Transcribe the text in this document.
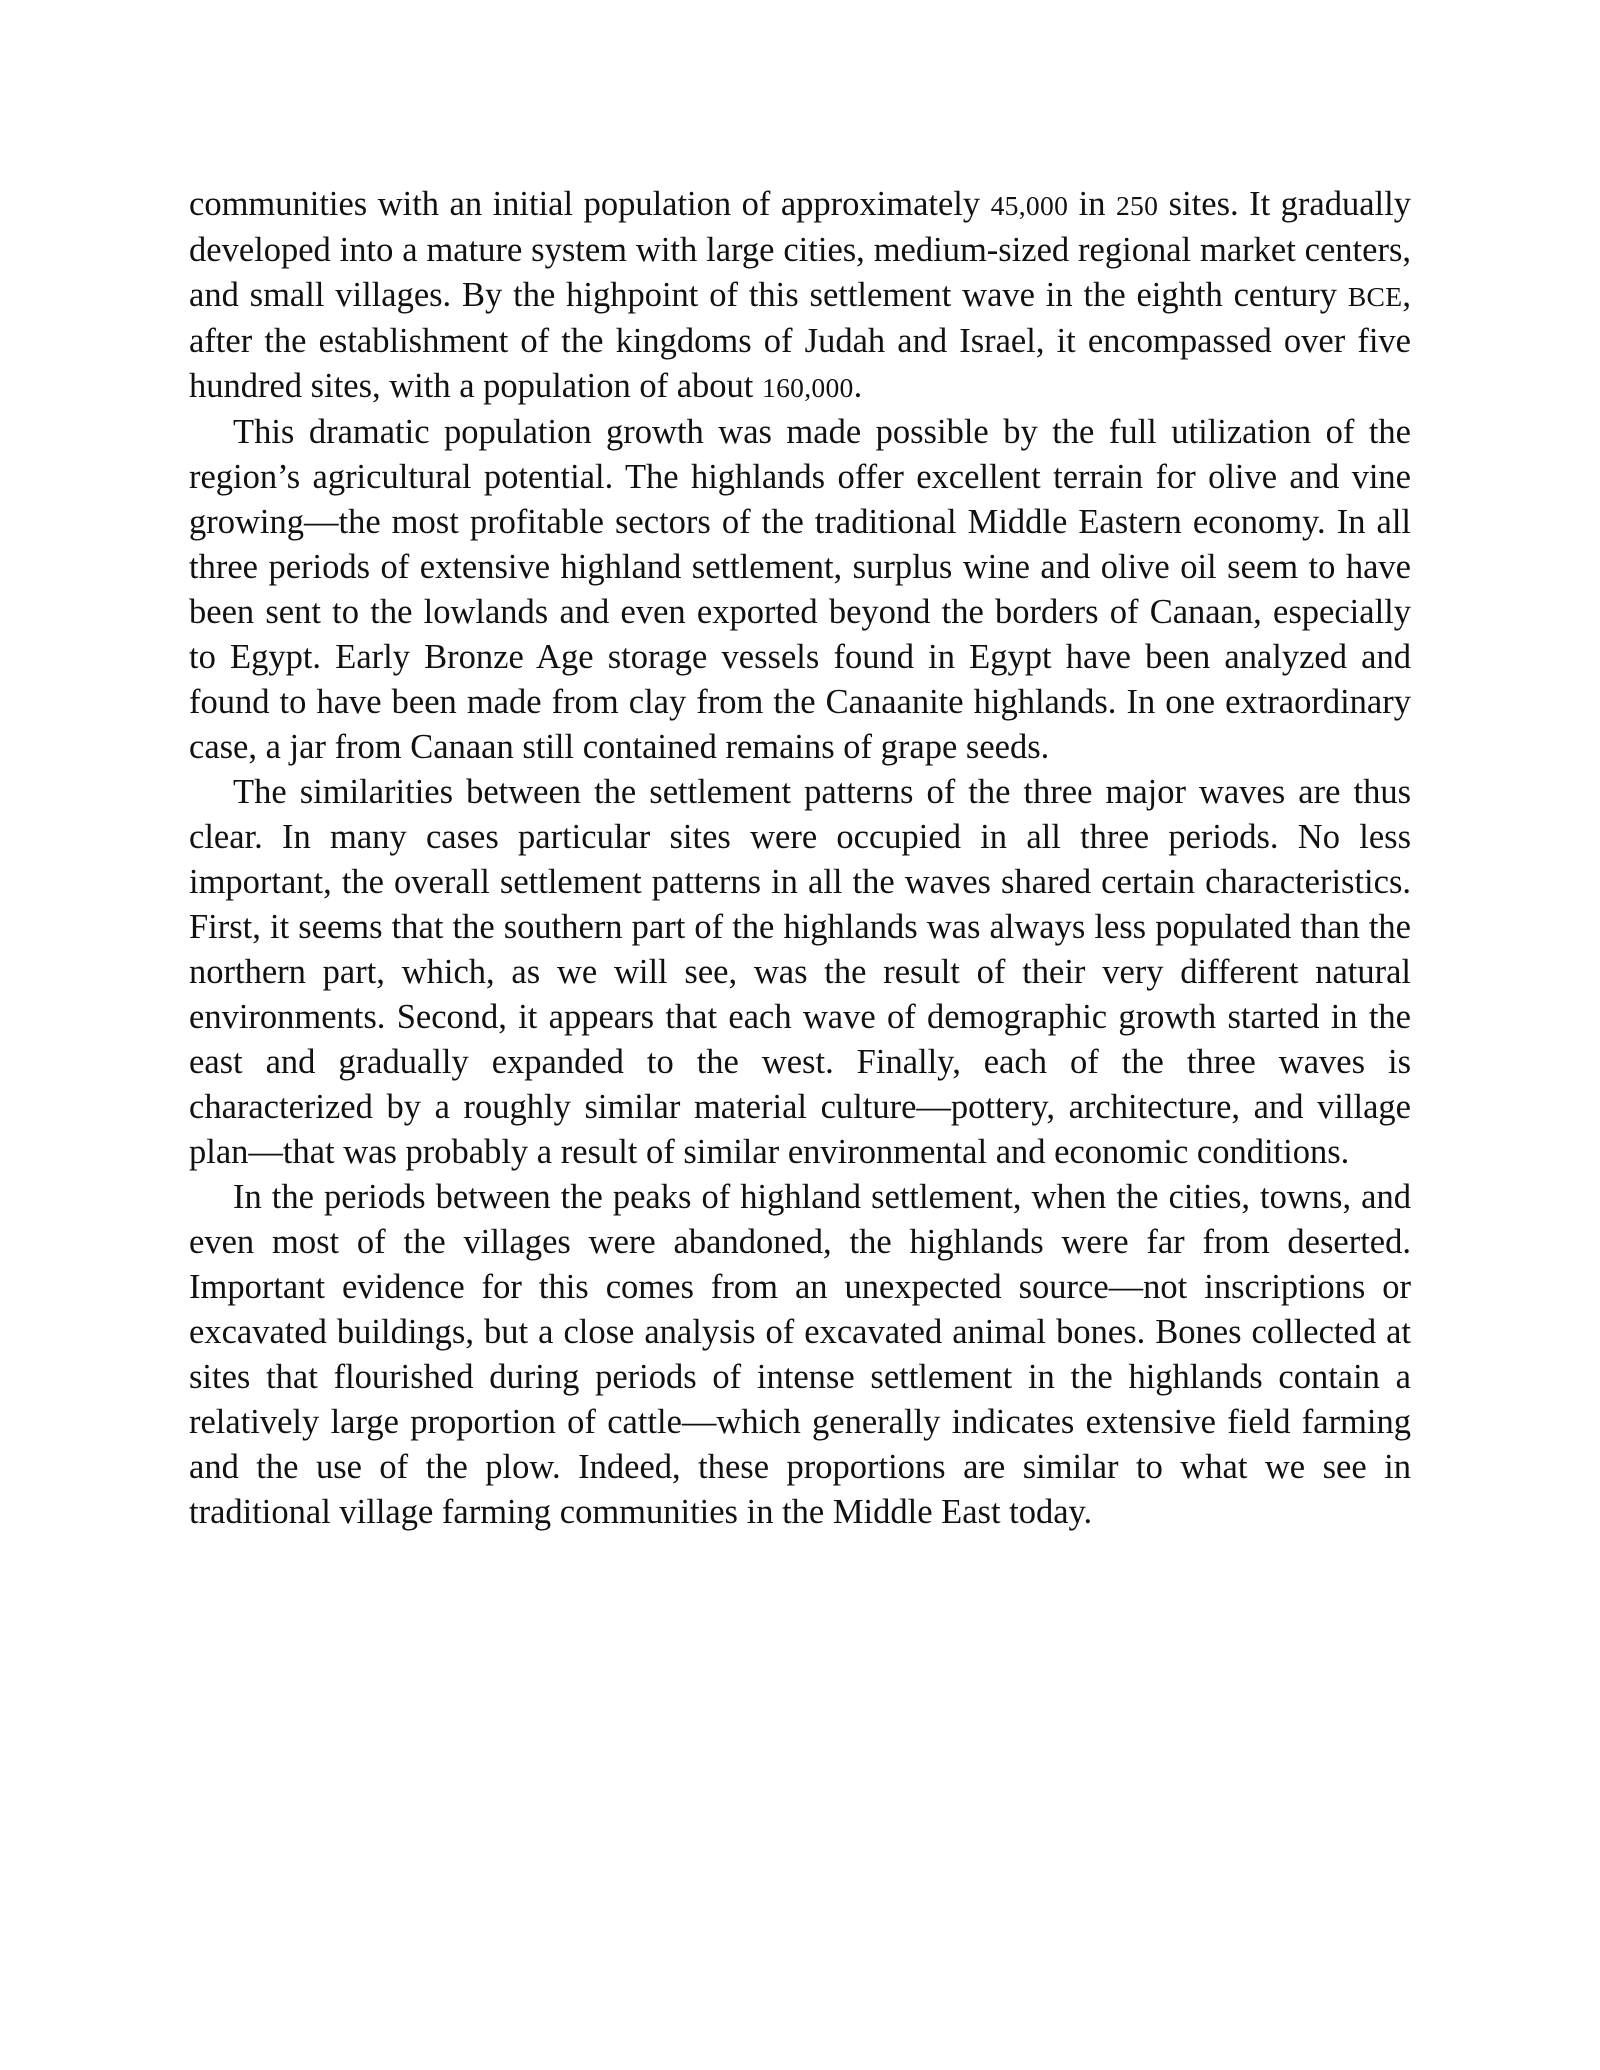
communities with an initial population of approximately 45,000 in 250 sites. It gradually developed into a mature system with large cities, medium-sized regional market centers, and small villages. By the highpoint of this settlement wave in the eighth century BCE, after the establishment of the kingdoms of Judah and Israel, it encompassed over five hundred sites, with a population of about 160,000.

This dramatic population growth was made possible by the full utilization of the region’s agricultural potential. The highlands offer excellent terrain for olive and vine growing—the most profitable sectors of the traditional Middle Eastern economy. In all three periods of extensive highland settlement, surplus wine and olive oil seem to have been sent to the lowlands and even exported beyond the borders of Canaan, especially to Egypt. Early Bronze Age storage vessels found in Egypt have been analyzed and found to have been made from clay from the Canaanite highlands. In one extraordinary case, a jar from Canaan still contained remains of grape seeds.

The similarities between the settlement patterns of the three major waves are thus clear. In many cases particular sites were occupied in all three periods. No less important, the overall settlement patterns in all the waves shared certain characteristics. First, it seems that the southern part of the highlands was always less populated than the northern part, which, as we will see, was the result of their very different natural environments. Second, it appears that each wave of demographic growth started in the east and gradually expanded to the west. Finally, each of the three waves is characterized by a roughly similar material culture—pottery, architecture, and village plan—that was probably a result of similar environmental and economic conditions.

In the periods between the peaks of highland settlement, when the cities, towns, and even most of the villages were abandoned, the highlands were far from deserted. Important evidence for this comes from an unexpected source—not inscriptions or excavated buildings, but a close analysis of excavated animal bones. Bones collected at sites that flourished during periods of intense settlement in the highlands contain a relatively large proportion of cattle—which generally indicates extensive field farming and the use of the plow. Indeed, these proportions are similar to what we see in traditional village farming communities in the Middle East today.
